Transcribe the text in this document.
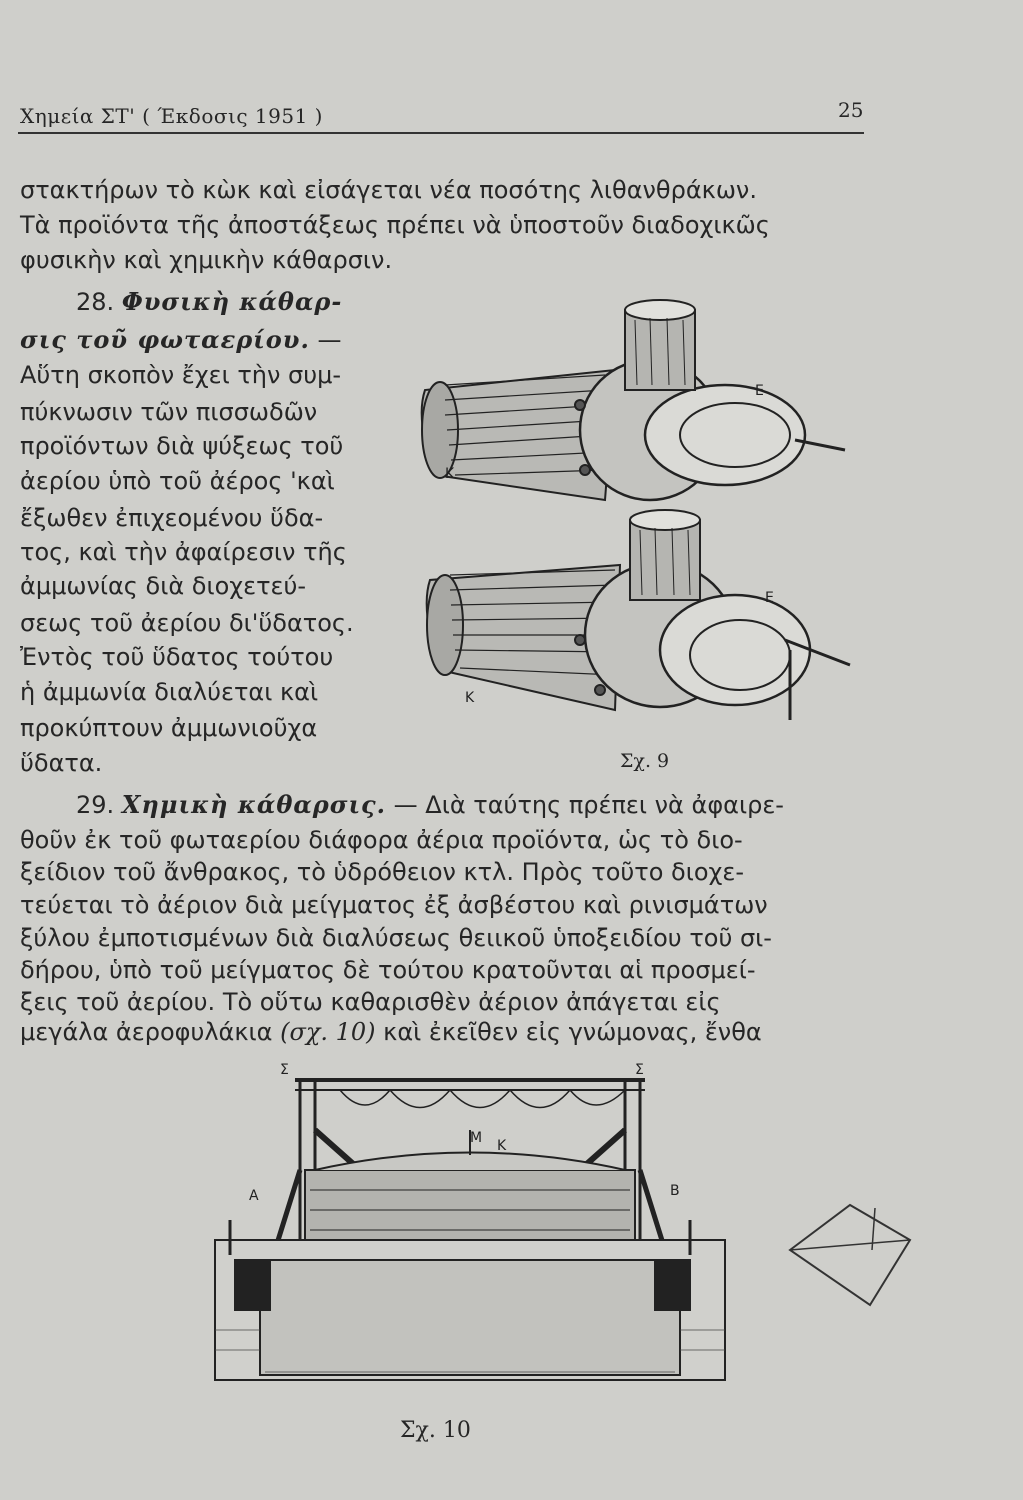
Χημεία ΣΤ' ( Έκδοσις 1951 )	25
στακτήρων τὸ κὼκ καὶ εἰσάγεται νέα ποσότης λιθανθράκων.
Τὰ προϊόντα τῆς ἀποστάξεως πρέπει νὰ ὑποστοῦν διαδοχικῶς
φυσικὴν καὶ χημικὴν κάθαρσιν.
28. Φυσικὴ κάθαρ-
σις τοῦ φωταερίου. —
Αὕτη σκοπὸν ἔχει τὴν συμ-
πύκνωσιν τῶν πισσωδῶν
προϊόντων διὰ ψύξεως τοῦ
ἀερίου ὑπὸ τοῦ ἀέρος 'καὶ
ἔξωθεν ἐπιχεομένου ὕδα-
τος, καὶ τὴν ἀφαίρεσιν τῆς
ἀμμωνίας διὰ διοχετεύ-
σεως τοῦ ἀερίου δι'ὕδατος.
Ἐντὸς τοῦ ὕδατος τούτου
ἡ ἀμμωνία διαλύεται καὶ
προκύπτουν ἀμμωνιοῦχα
ὕδατα.
Ε
Κ
Ε
Κ
Σχ. 9
29. Χημικὴ κάθαρσις. — Διὰ ταύτης πρέπει νὰ ἀφαιρε-
θοῦν ἐκ τοῦ φωταερίου διάφορα ἀέρια προϊόντα, ὡς τὸ διο-
ξείδιον τοῦ ἄνθρακος, τὸ ὑδρόθειον κτλ. Πρὸς τοῦτο διοχε-
τεύεται τὸ ἀέριον διὰ μείγματος ἐξ ἀσβέστου καὶ ρινισμάτων
ξύλου ἐμποτισμένων διὰ διαλύσεως θειικοῦ ὑποξειδίου τοῦ σι-
δήρου, ὑπὸ τοῦ μείγματος δὲ τούτου κρατοῦνται αἱ προσμεί-
ξεις τοῦ ἀερίου. Τὸ οὕτω καθαρισθὲν ἀέριον ἀπάγεται εἰς
μεγάλα ἀεροφυλάκια (σχ. 10) καὶ ἐκεῖθεν εἰς γνώμονας, ἔνθα
Σ	Σ
Μ Κ
Α	Β
Σχ. 10
